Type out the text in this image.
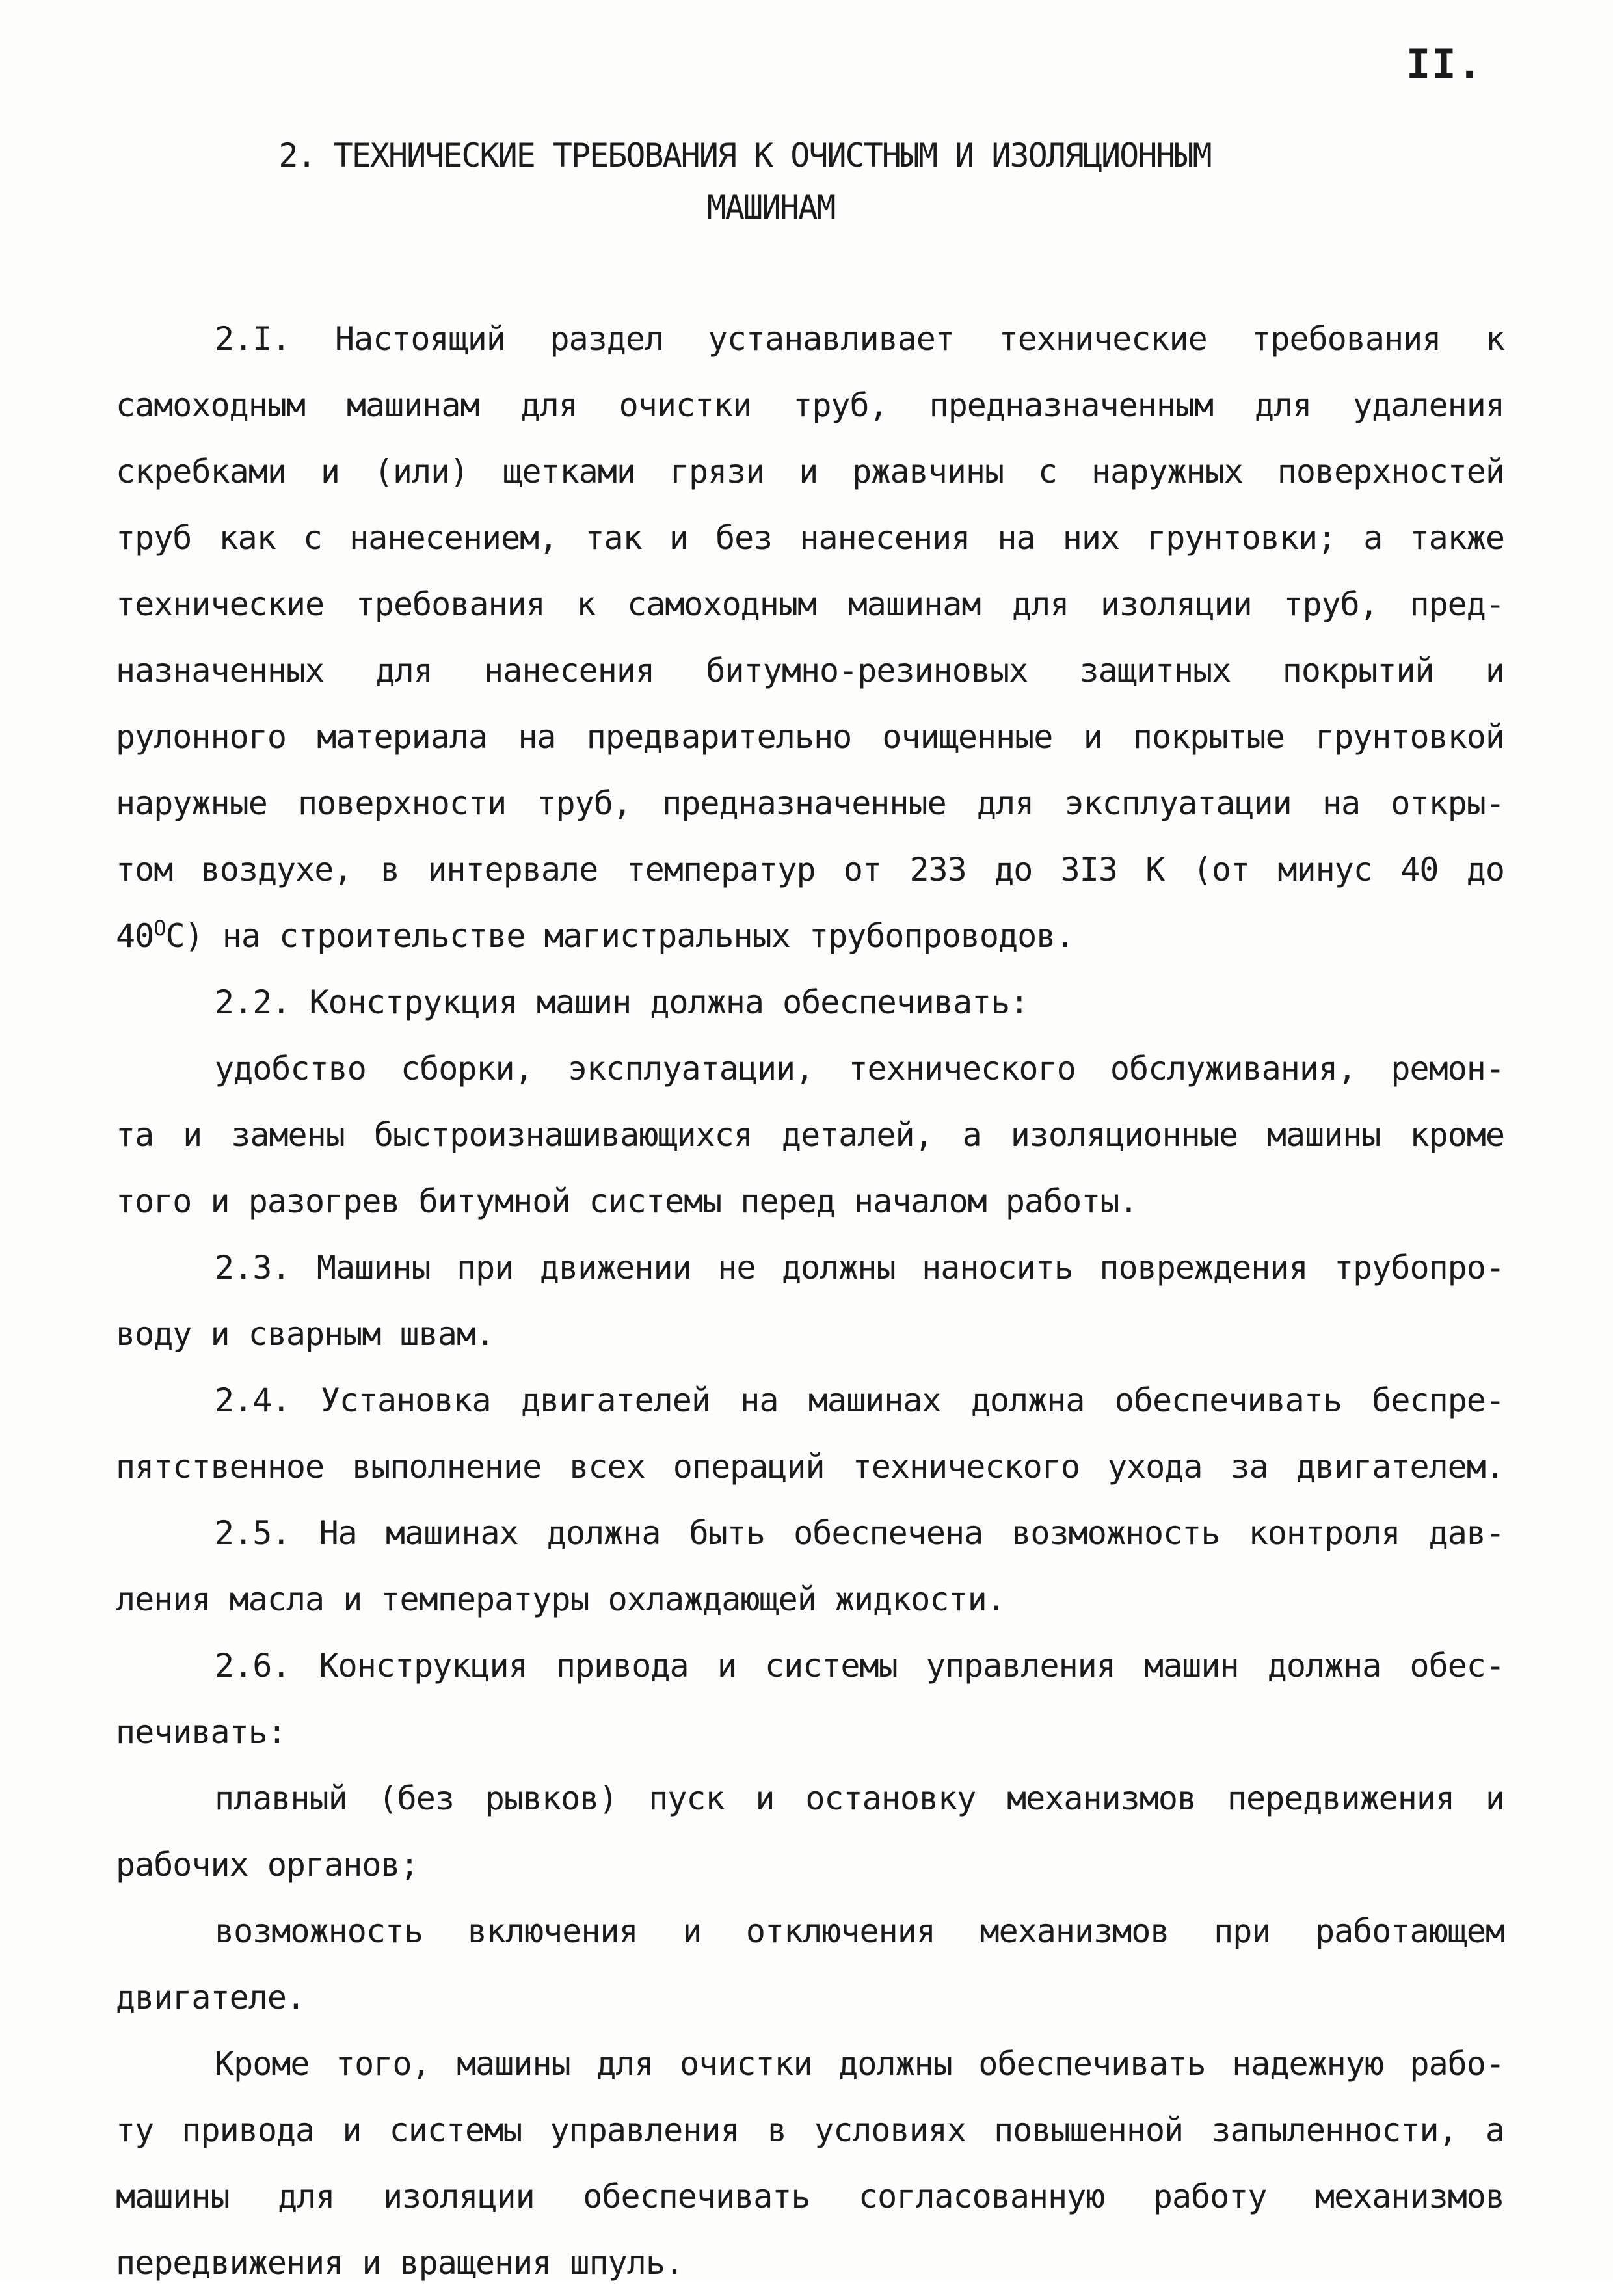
II.
2. ТЕХНИЧЕСКИЕ ТРЕБОВАНИЯ К ОЧИСТНЫМ И ИЗОЛЯЦИОННЫМ
МАШИНАМ
2.I. Настоящий раздел устанавливает технические требования к
самоходным машинам для очистки труб, предназначенным для удаления
скребками и (или) щетками грязи и ржавчины с наружных поверхностей
труб как с нанесением, так и без нанесения на них грунтовки; а также
технические требования к самоходным машинам для изоляции труб, пред-
назначенных для нанесения битумно-резиновых защитных покрытий и
рулонного материала на предварительно очищенные и покрытые грунтовкой
наружные поверхности труб, предназначенные для эксплуатации на откры-
том воздухе, в интервале температур от 233 до 3I3 К (от минус 40 до
$40^ОС$) на строительстве магистральных трубопроводов.
2.2. Конструкция машин должна обеспечивать:
удобство сборки, эксплуатации, технического обслуживания, ремон-
та и замены быстроизнашивающихся деталей, а изоляционные машины кроме
того и разогрев битумной системы перед началом работы.
2.3. Машины при движении не должны наносить повреждения трубопро-
воду и сварным швам.
2.4. Установка двигателей на машинах должна обеспечивать беспре-
пятственное выполнение всех операций технического ухода за двигателем.
2.5. На машинах должна быть обеспечена возможность контроля дав-
ления масла и температуры охлаждающей жидкости.
2.6. Конструкция привода и системы управления машин должна обес-
печивать:
плавный (без рывков) пуск и остановку механизмов передвижения и
рабочих органов;
возможность включения и отключения механизмов при работающем
двигателе.
Кроме того, машины для очистки должны обеспечивать надежную рабо-
ту привода и системы управления в условиях повышенной запыленности, а
машины для изоляции обеспечивать согласованную работу механизмов
передвижения и вращения шпуль.
